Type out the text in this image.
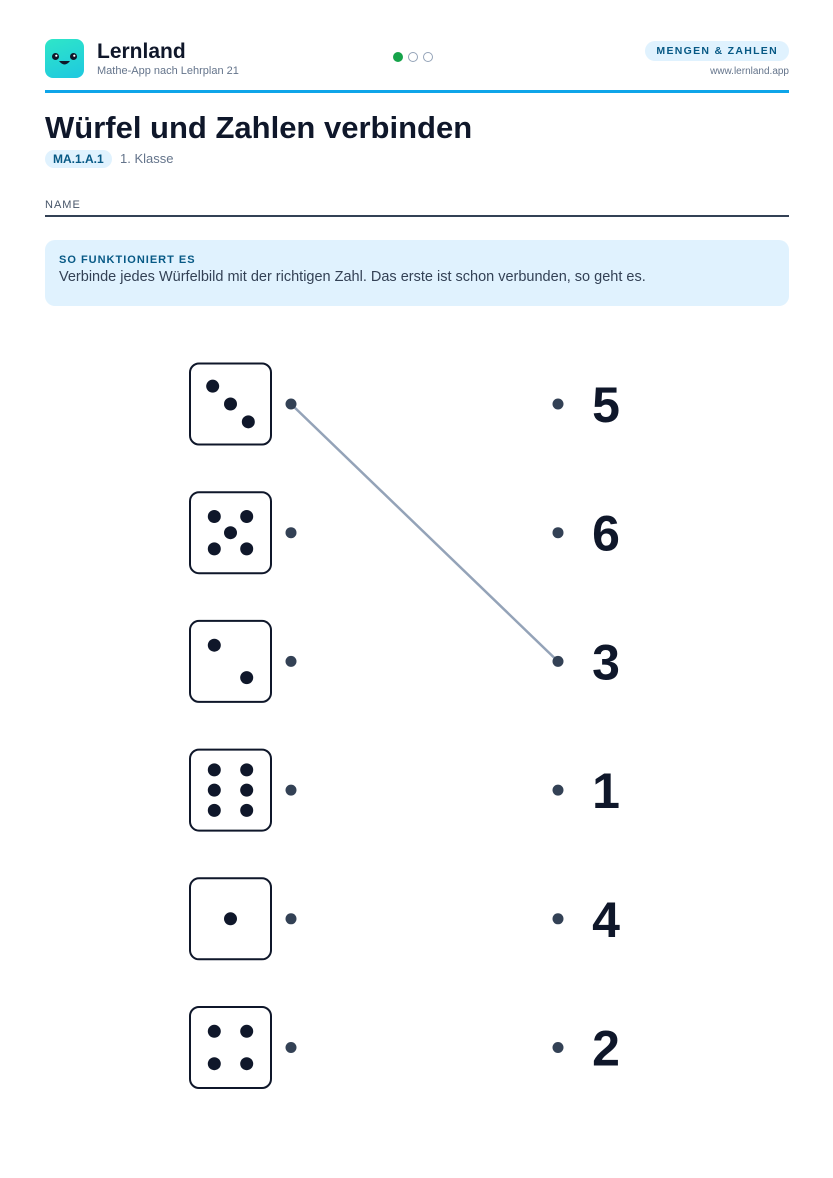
Lernland
Mathe-App nach Lehrplan 21
MENGEN & ZAHLEN
www.lernland.app
Würfel und Zahlen verbinden
MA.1.A.1	1. Klasse
NAME
SO FUNKTIONIERT ES
Verbinde jedes Würfelbild mit der richtigen Zahl. Das erste ist schon verbunden, so geht es.
5
6
3
1
4
2
